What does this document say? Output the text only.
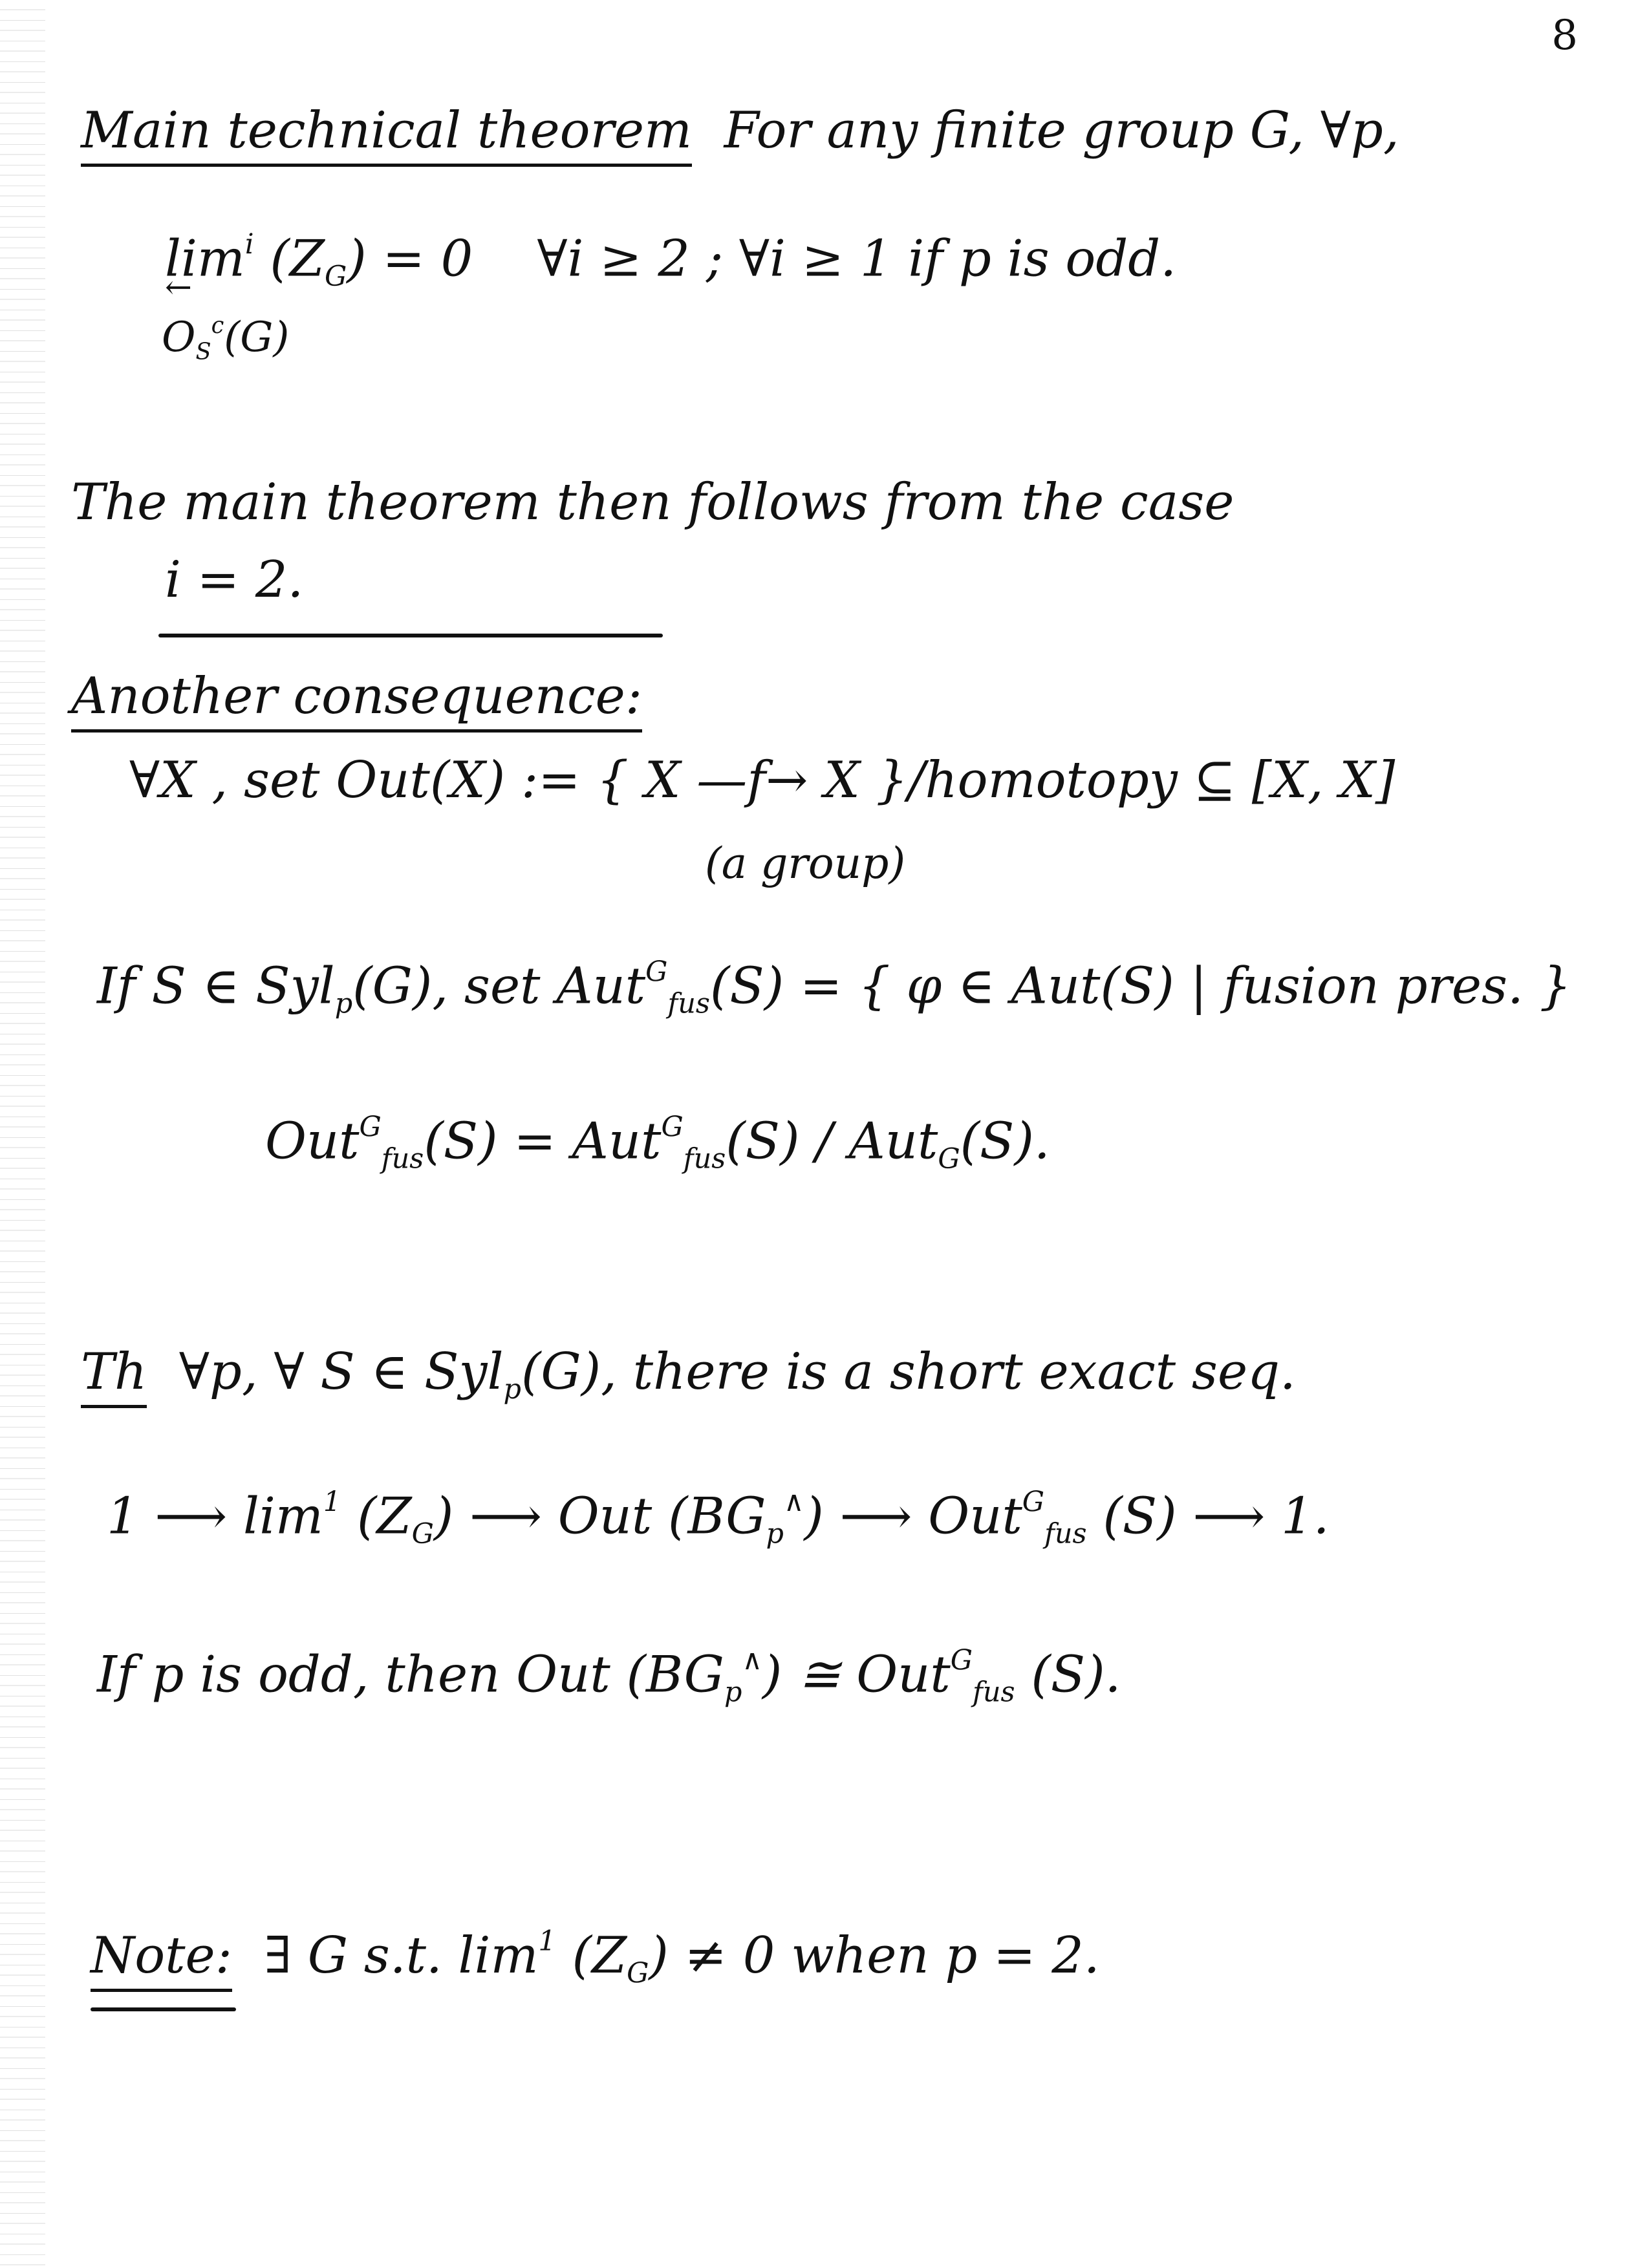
8
Main technical theorem For any finite group G, ∀p,
$\lim^i (Z_G) = 0$ ← ∀i ≥ 2 ; ∀i ≥ 1 if p is odd.
$O_S^c(G)$
The main theorem then follows from the case
i = 2.
Another consequence:
∀X , set Out(X) := { X —f→ X }/homotopy ⊆ [X, X]
(a group)
If S ∈ Syl$_p$(G), set Aut$^G_{fus}$(S) = { φ ∈ Aut(S) | fusion pres. }
Out$^G_{fus}$(S) = Aut$^G_{fus}$(S) / Aut$_G$(S).
Th ∀p, ∀ S ∈ Syl$_p$(G), there is a short exact seq.
1 ⟶ $\lim^1 (Z_G)$ ⟶ Out $(BG_p^\wedge)$ ⟶ Out$^G_{fus}$ (S) ⟶ 1.
If p is odd, then Out $(BG_p^\wedge)$ ≅ Out$^G_{fus}$ (S).
Note: ∃ G s.t. $\lim^1 (Z_G) \ne 0$ when p = 2.
